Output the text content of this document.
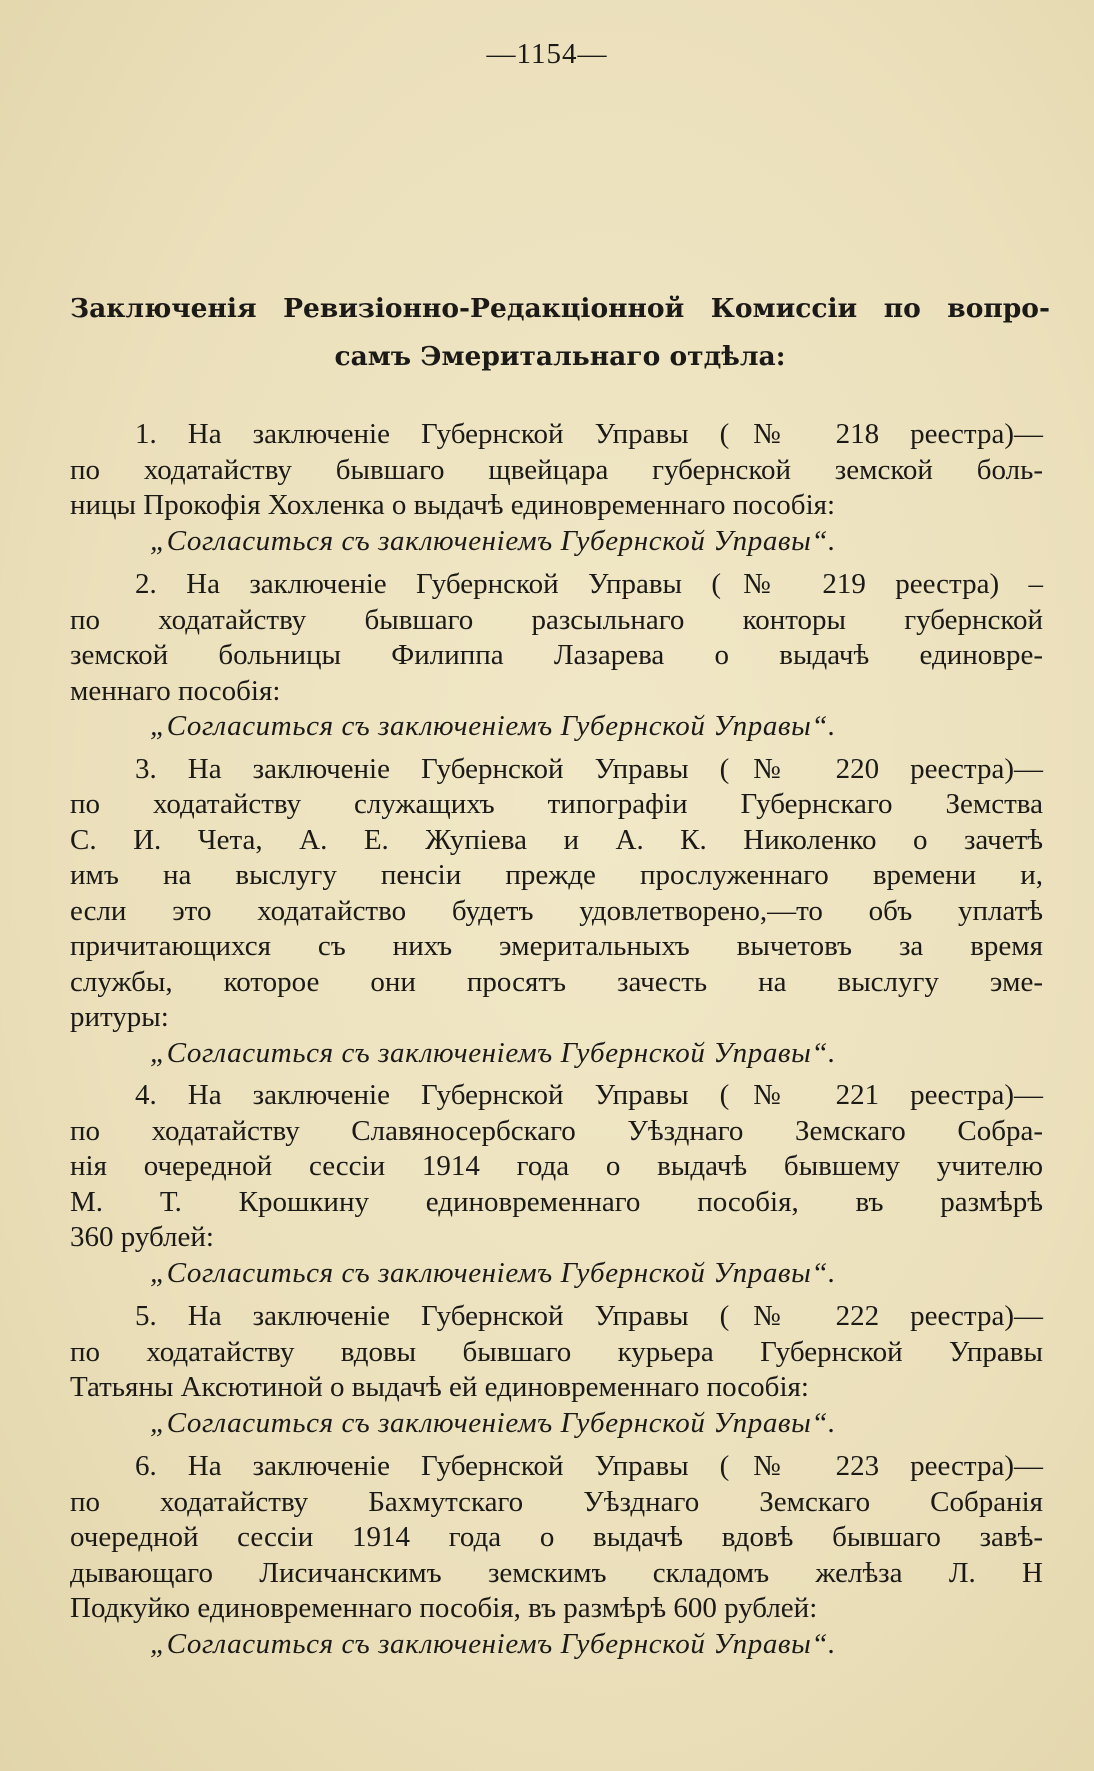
—1154—
Заключенія Ревизіонно-Редакціонной Комиссіи по вопро-
самъ Эмеритальнаго отдѣла:
1. На заключеніе Губернской Управы (№ 218 реестра)—
по ходатайству бывшаго щвейцара губернской земской боль-
ницы Прокофія Хохленка о выдачѣ единовременнаго пособія:
„Согласиться съ заключеніемъ Губернской Управы“.
2. На заключеніе Губернской Управы (№ 219 реестра) –
по ходатайству бывшаго разсыльнаго конторы губернской
земской больницы Филиппа Лазарева о выдачѣ единовре-
меннаго пособія:
„Согласиться съ заключеніемъ Губернской Управы“.
3. На заключеніе Губернской Управы (№ 220 реестра)—
по ходатайству служащихъ типографіи Губернскаго Земства
С. И. Чета, А. Е. Жупіева и А. К. Николенко о зачетѣ
имъ на выслугу пенсіи прежде прослуженнаго времени и,
если это ходатайство будетъ удовлетворено,—то объ уплатѣ
причитающихся съ нихъ эмеритальныхъ вычетовъ за время
службы, которое они просятъ зачесть на выслугу эме-
ритуры:
„Согласиться съ заключеніемъ Губернской Управы“.
4. На заключеніе Губернской Управы (№ 221 реестра)—
по ходатайству Славяносербскаго Уѣзднаго Земскаго Собра-
нія очередной сессіи 1914 года о выдачѣ бывшему учителю
М. Т. Крошкину единовременнаго пособія, въ размѣрѣ
360 рублей:
„Согласиться съ заключеніемъ Губернской Управы“.
5. На заключеніе Губернской Управы (№ 222 реестра)—
по ходатайству вдовы бывшаго курьера Губернской Управы
Татьяны Аксютиной о выдачѣ ей единовременнаго пособія:
„Согласиться съ заключеніемъ Губернской Управы“.
6. На заключеніе Губернской Управы (№ 223 реестра)—
по ходатайству Бахмутскаго Уѣзднаго Земскаго Собранія
очередной сессіи 1914 года о выдачѣ вдовѣ бывшаго завѣ-
дывающаго Лисичанскимъ земскимъ складомъ желѣза Л. Н
Подкуйко единовременнаго пособія, въ размѣрѣ 600 рублей:
„Согласиться съ заключеніемъ Губернской Управы“.
